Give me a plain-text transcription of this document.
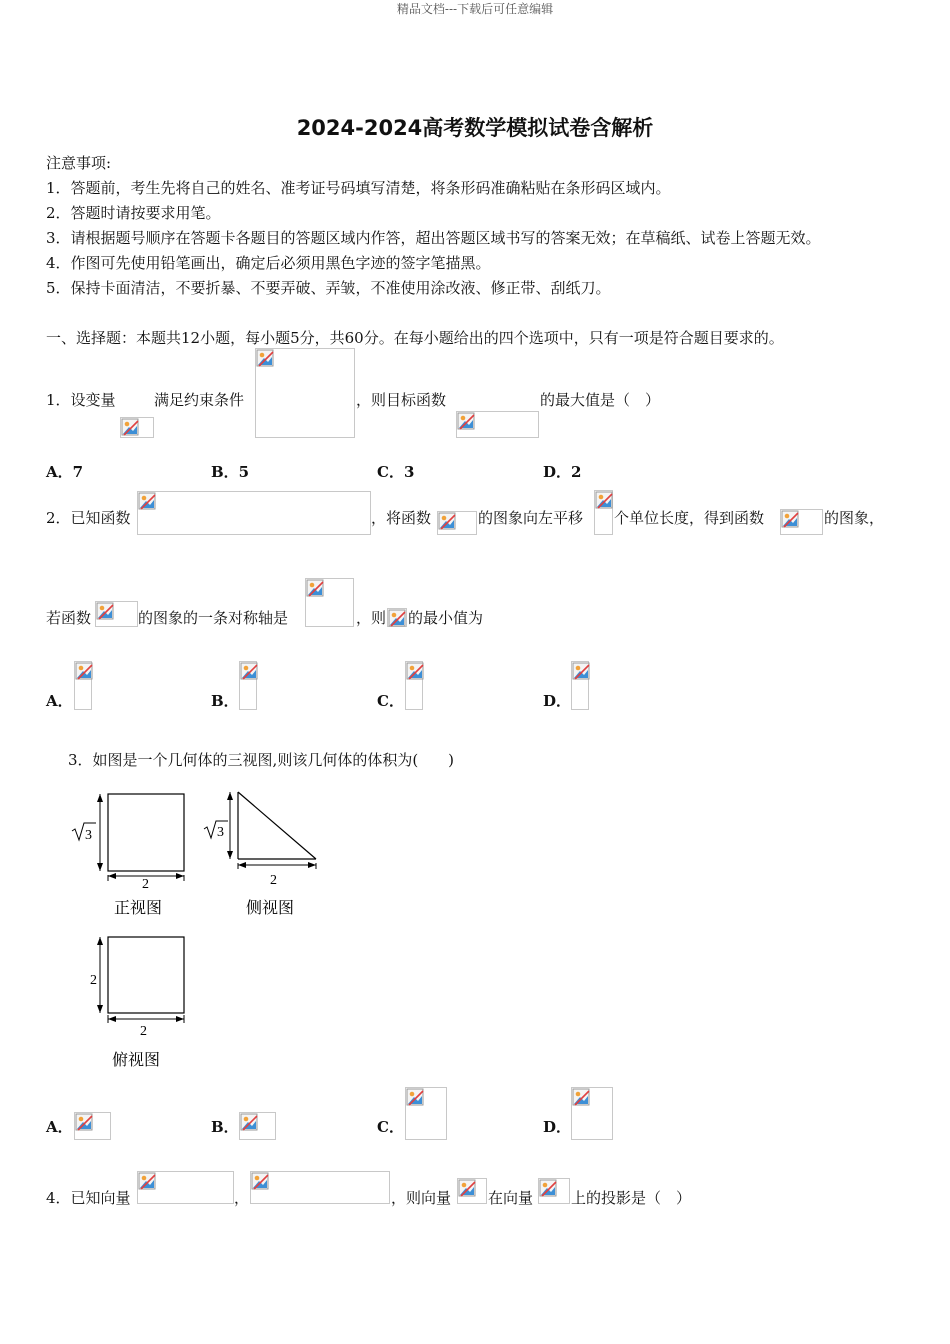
精品文档---下载后可任意编辑
2024-2024高考数学模拟试卷含解析
注意事项:
1．答题前，考生先将自己的姓名、准考证号码填写清楚，将条形码准确粘贴在条形码区域内。
2．答题时请按要求用笔。
3．请根据题号顺序在答题卡各题目的答题区域内作答，超出答题区域书写的答案无效；在草稿纸、试卷上答题无效。
4．作图可先使用铅笔画出，确定后必须用黑色字迹的签字笔描黑。
5．保持卡面清洁，不要折暴、不要弄破、弄皱，不准使用涂改液、修正带、刮纸刀。
一、选择题：本题共12小题，每小题5分，共60分。在每小题给出的四个选项中，只有一项是符合题目要求的。
1．设变量	满足约束条件	，则目标函数	的最大值是（　）
A．7	B．5	C．3	D．2
2．已知函数	，将函数	的图象向左平移 个单位长度，得到函数	的图象，
若函数	的图象的一条对称轴是	，则 的最小值为
A．	B．	C．	D．
3．如图是一个几何体的三视图,则该几何体的体积为(　　)
2
3
正视图
2
3
侧视图
2
2
俯视图
A．	B．	C．	D．
4．已知向量	，	，则向量 在向量	上的投影是（　）
